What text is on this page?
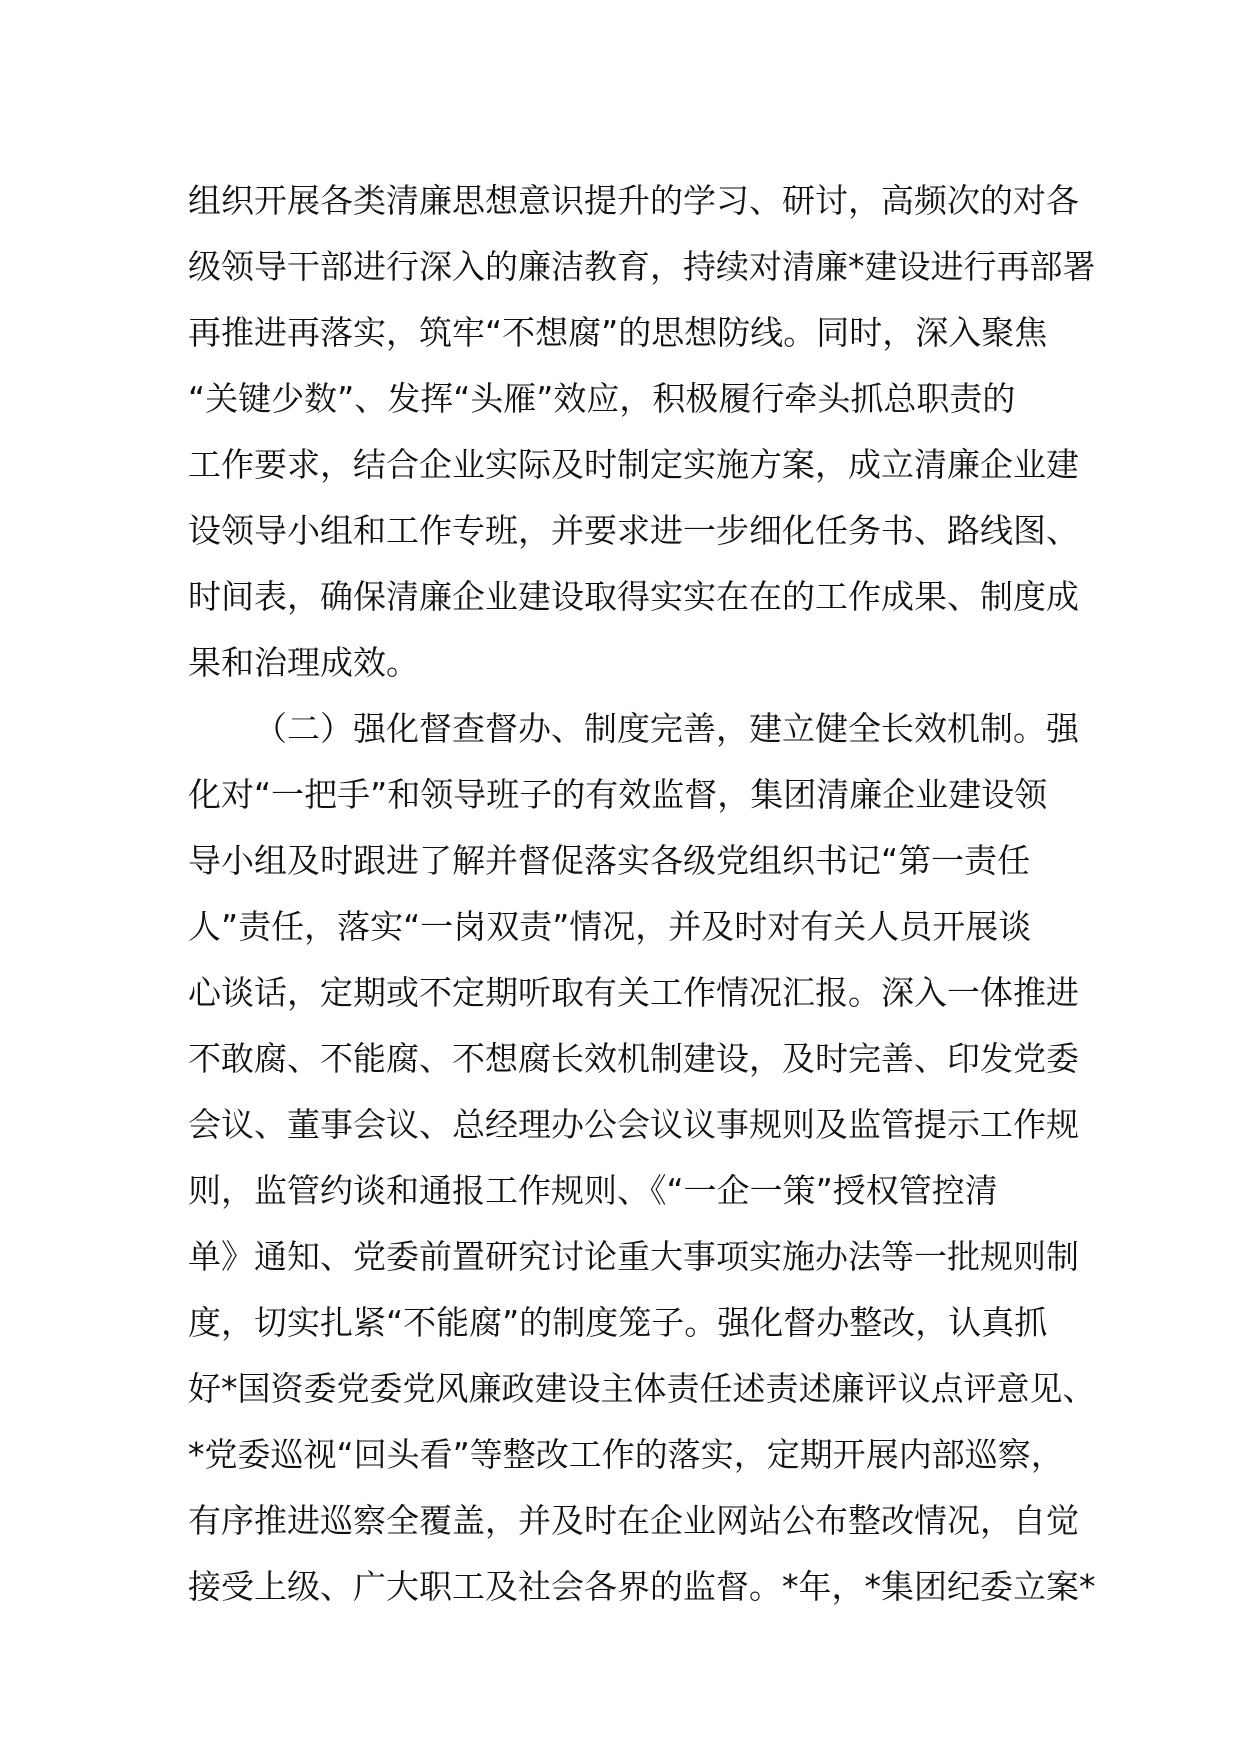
组织开展各类清廉思想意识提升的学习、研讨，高频次的对各
级领导干部进行深入的廉洁教育，持续对清廉*建设进行再部署
再推进再落实，筑牢“不想腐”的思想防线。同时，深入聚焦
“关键少数”、发挥“头雁”效应，积极履行牵头抓总职责的
工作要求，结合企业实际及时制定实施方案，成立清廉企业建
设领导小组和工作专班，并要求进一步细化任务书、路线图、
时间表，确保清廉企业建设取得实实在在的工作成果、制度成
果和治理成效。
（二）强化督查督办、制度完善，建立健全长效机制。强
化对“一把手”和领导班子的有效监督，集团清廉企业建设领
导小组及时跟进了解并督促落实各级党组织书记“第一责任
人”责任，落实“一岗双责”情况，并及时对有关人员开展谈
心谈话，定期或不定期听取有关工作情况汇报。深入一体推进
不敢腐、不能腐、不想腐长效机制建设，及时完善、印发党委
会议、董事会议、总经理办公会议议事规则及监管提示工作规
则，监管约谈和通报工作规则、《“一企一策”授权管控清
单》通知、党委前置研究讨论重大事项实施办法等一批规则制
度，切实扎紧“不能腐”的制度笼子。强化督办整改，认真抓
好*国资委党委党风廉政建设主体责任述责述廉评议点评意见、
*党委巡视“回头看”等整改工作的落实，定期开展内部巡察，
有序推进巡察全覆盖，并及时在企业网站公布整改情况，自觉
接受上级、广大职工及社会各界的监督。*年，*集团纪委立案*
